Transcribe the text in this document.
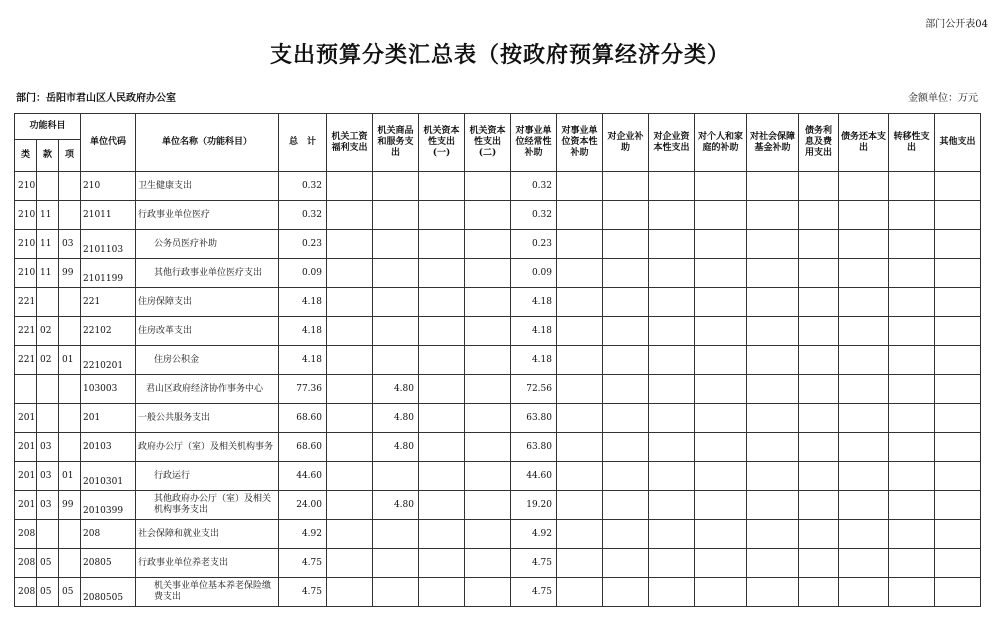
部门公开表04
支出预算分类汇总表（按政府预算经济分类）
部门：岳阳市君山区人民政府办公室	金额单位：万元
功能科目			单位代码	单位名称（功能科目）	总　计	机关工资福利支出	机关商品和服务支出	机关资本性支出(一)	机关资本性支出(二)	对事业单位经常性补助	对事业单位资本性补助	对企业补助	对企业资本性支出	对个人和家庭的补助	对社会保障基金补助	债务利息及费用支出	债务还本支出	转移性支出	其他支出
类	款	项																	
210			210	卫生健康支出	0.32					0.32									
210	11		21011	行政事业单位医疗	0.32					0.32									
210	11	03	2101103	公务员医疗补助	0.23					0.23									
210	11	99	2101199	其他行政事业单位医疗支出	0.09					0.09									
221			221	住房保障支出	4.18					4.18									
221	02		22102	住房改革支出	4.18					4.18									
221	02	01	2210201	住房公积金	4.18					4.18									
			103003	君山区政府经济协作事务中心	77.36		4.80			72.56									
201			201	一般公共服务支出	68.60		4.80			63.80									
201	03		20103	政府办公厅（室）及相关机构事务	68.60		4.80			63.80									
201	03	01	2010301	行政运行	44.60					44.60									
201	03	99	2010399	其他政府办公厅（室）及相关机构事务支出	24.00		4.80			19.20									
208			208	社会保障和就业支出	4.92					4.92									
208	05		20805	行政事业单位养老支出	4.75					4.75									
208	05	05	2080505	机关事业单位基本养老保险缴费支出	4.75					4.75									
